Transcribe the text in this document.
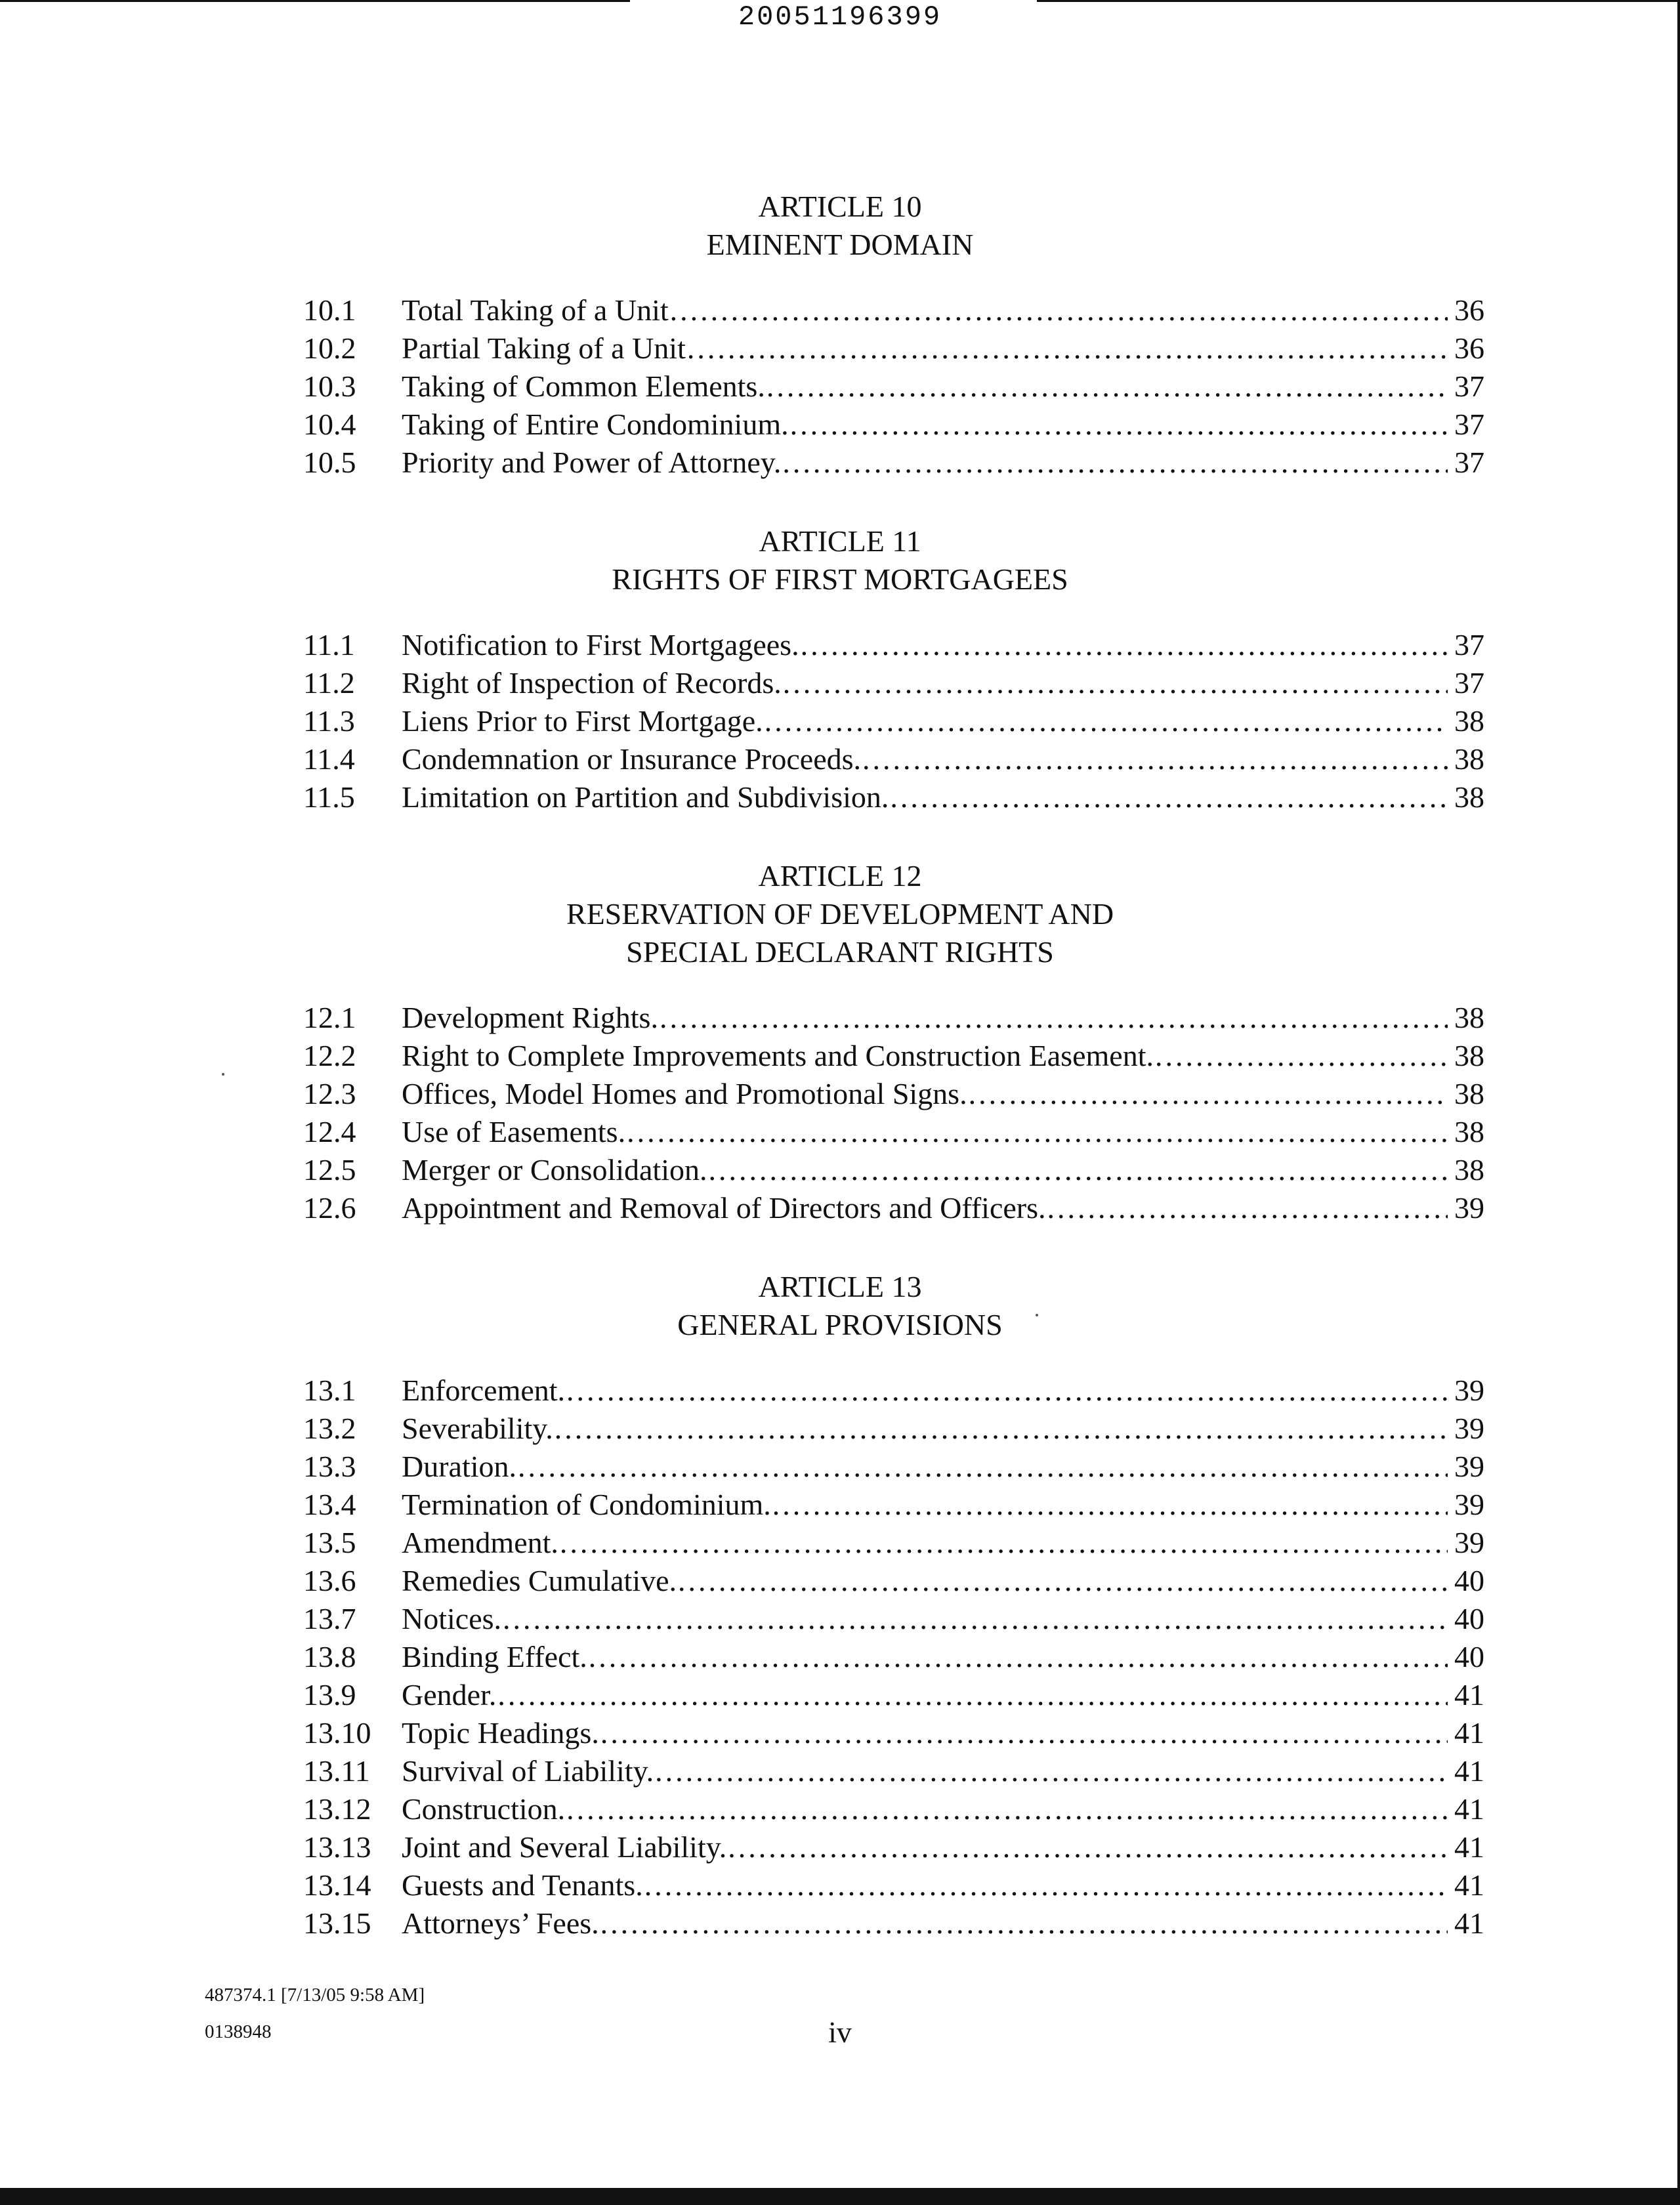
20051196399
ARTICLE 10
EMINENT DOMAIN
10.1	Total Taking of a Unit .....	36
10.2	Partial Taking of a Unit .....	36
10.3	Taking of Common Elements. .....	37
10.4	Taking of Entire Condominium. .....	37
10.5	Priority and Power of Attorney. .....	37
ARTICLE 11
RIGHTS OF FIRST MORTGAGEES
11.1	Notification to First Mortgagees. .....	37
11.2	Right of Inspection of Records. .....	37
11.3	Liens Prior to First Mortgage. .....	38
11.4	Condemnation or Insurance Proceeds. .....	38
11.5	Limitation on Partition and Subdivision. .....	38
ARTICLE 12
RESERVATION OF DEVELOPMENT AND
SPECIAL DECLARANT RIGHTS
12.1	Development Rights. .....	38
12.2	Right to Complete Improvements and Construction Easement. .....	38
12.3	Offices, Model Homes and Promotional Signs. .....	38
12.4	Use of Easements. .....	38
12.5	Merger or Consolidation. .....	38
12.6	Appointment and Removal of Directors and Officers. .....	39
ARTICLE 13
GENERAL PROVISIONS
13.1	Enforcement. .....	39
13.2	Severability. .....	39
13.3	Duration. .....	39
13.4	Termination of Condominium. .....	39
13.5	Amendment. .....	39
13.6	Remedies Cumulative. .....	40
13.7	Notices. .....	40
13.8	Binding Effect. .....	40
13.9	Gender. .....	41
13.10	Topic Headings. .....	41
13.11	Survival of Liability. .....	41
13.12	Construction. .....	41
13.13	Joint and Several Liability. .....	41
13.14	Guests and Tenants. .....	41
13.15	Attorneys’ Fees. .....	41
487374.1 [7/13/05 9:58 AM]
0138948	iv
